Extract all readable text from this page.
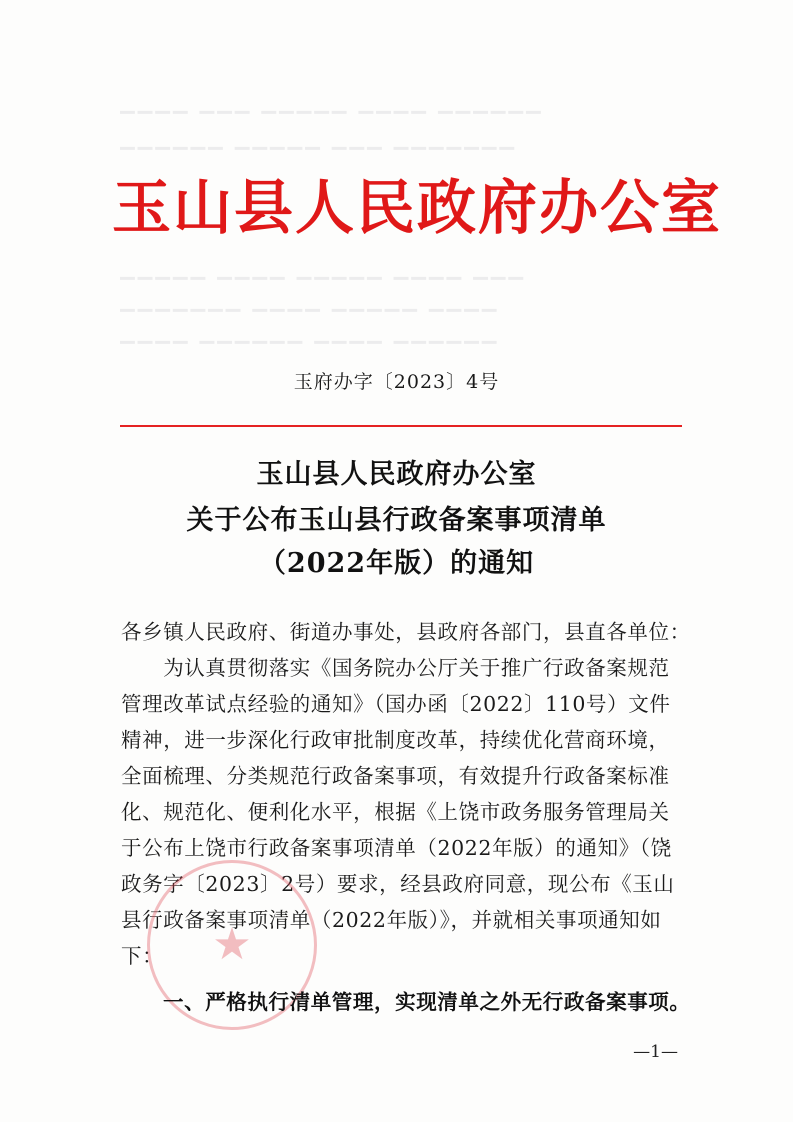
▁▁▁▁ ▁▁▁ ▁▁▁▁▁ ▁▁▁▁ ▁▁▁▁▁▁
▁▁▁▁▁▁ ▁▁▁▁▁ ▁▁▁ ▁▁▁▁▁▁▁
▁▁▁▁▁ ▁▁▁▁ ▁▁▁▁▁ ▁▁▁▁ ▁▁▁
▁▁▁▁▁▁▁ ▁▁▁▁ ▁▁▁▁▁ ▁▁▁▁
▁▁▁▁ ▁▁▁▁▁▁ ▁▁▁▁ ▁▁▁▁▁▁
玉山县人民政府办公室
玉府办字〔2023〕4号
玉山县人民政府办公室
关于公布玉山县行政备案事项清单
（2022年版）的通知
各乡镇人民政府、街道办事处，县政府各部门，县直各单位：
　　为认真贯彻落实《国务院办公厅关于推广行政备案规范
管理改革试点经验的通知》（国办函〔2022〕110号）文件
精神，进一步深化行政审批制度改革，持续优化营商环境，
全面梳理、分类规范行政备案事项，有效提升行政备案标准
化、规范化、便利化水平，根据《上饶市政务服务管理局关
于公布上饶市行政备案事项清单（2022年版）的通知》（饶
政务字〔2023〕2号）要求，经县政府同意，现公布《玉山
县行政备案事项清单（2022年版）》，并就相关事项通知如
下： ★
一、严格执行清单管理，实现清单之外无行政备案事项。
—1—
